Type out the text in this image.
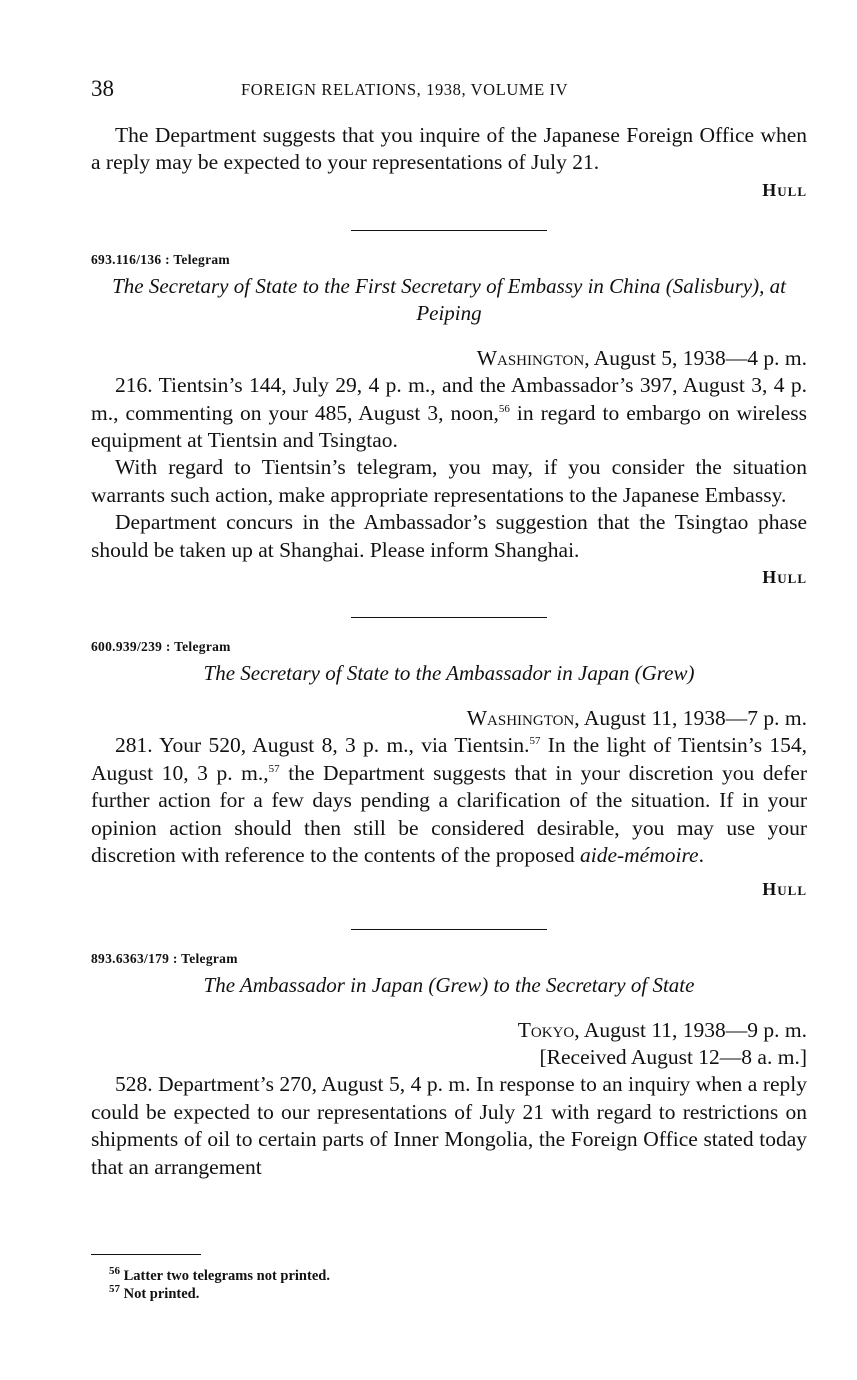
38	FOREIGN RELATIONS, 1938, VOLUME IV

The Department suggests that you inquire of the Japanese Foreign Office when a reply may be expected to your representations of July 21.

Hull
693.116/136 : Telegram
The Secretary of State to the First Secretary of Embassy in China (Salisbury), at Peiping
Washington, August 5, 1938—4 p. m.

216. Tientsin’s 144, July 29, 4 p. m., and the Ambassador’s 397, August 3, 4 p. m., commenting on your 485, August 3, noon,$^{56}$ in regard to embargo on wireless equipment at Tientsin and Tsingtao.

With regard to Tientsin’s telegram, you may, if you consider the situation warrants such action, make appropriate representations to the Japanese Embassy.

Department concurs in the Ambassador’s suggestion that the Tsingtao phase should be taken up at Shanghai. Please inform Shanghai.

Hull
600.939/239 : Telegram
The Secretary of State to the Ambassador in Japan (Grew)
Washington, August 11, 1938—7 p. m.

281. Your 520, August 8, 3 p. m., via Tientsin.$^{57}$ In the light of Tientsin’s 154, August 10, 3 p. m.,$^{57}$ the Department suggests that in your discretion you defer further action for a few days pending a clarification of the situation. If in your opinion action should then still be considered desirable, you may use your discretion with reference to the contents of the proposed aide-mémoire.

Hull
893.6363/179 : Telegram
The Ambassador in Japan (Grew) to the Secretary of State
Tokyo, August 11, 1938—9 p. m.
[Received August 12—8 a. m.]

528. Department’s 270, August 5, 4 p. m. In response to an inquiry when a reply could be expected to our representations of July 21 with regard to restrictions on shipments of oil to certain parts of Inner Mongolia, the Foreign Office stated today that an arrangement

$^{56}$ Latter two telegrams not printed.
$^{57}$ Not printed.
